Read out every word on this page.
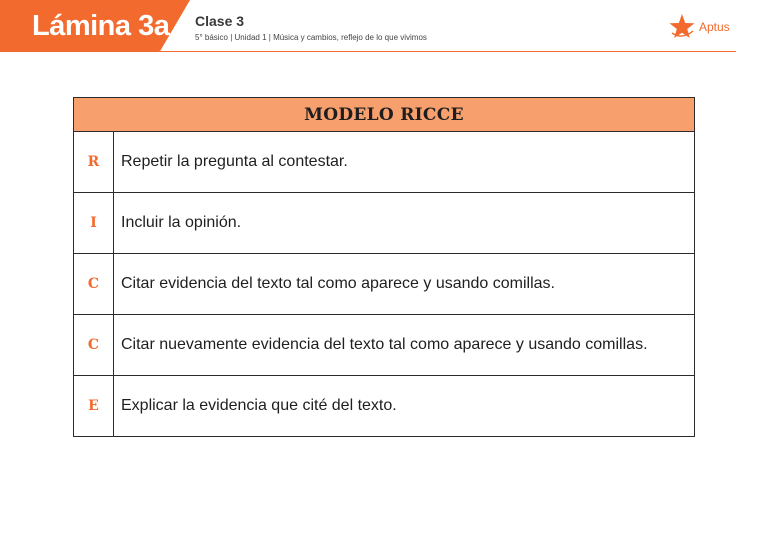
Lámina 3a Clase 3
5° básico | Unidad 1 | Música y cambios, reflejo de lo que vivimos
Aptus
MODELO RICCE	
R	Repetir la pregunta al contestar.
I	Incluir la opinión.
C	Citar evidencia del texto tal como aparece y usando comillas.
C	Citar nuevamente evidencia del texto tal como aparece y usando comillas.
E	Explicar la evidencia que cité del texto.
